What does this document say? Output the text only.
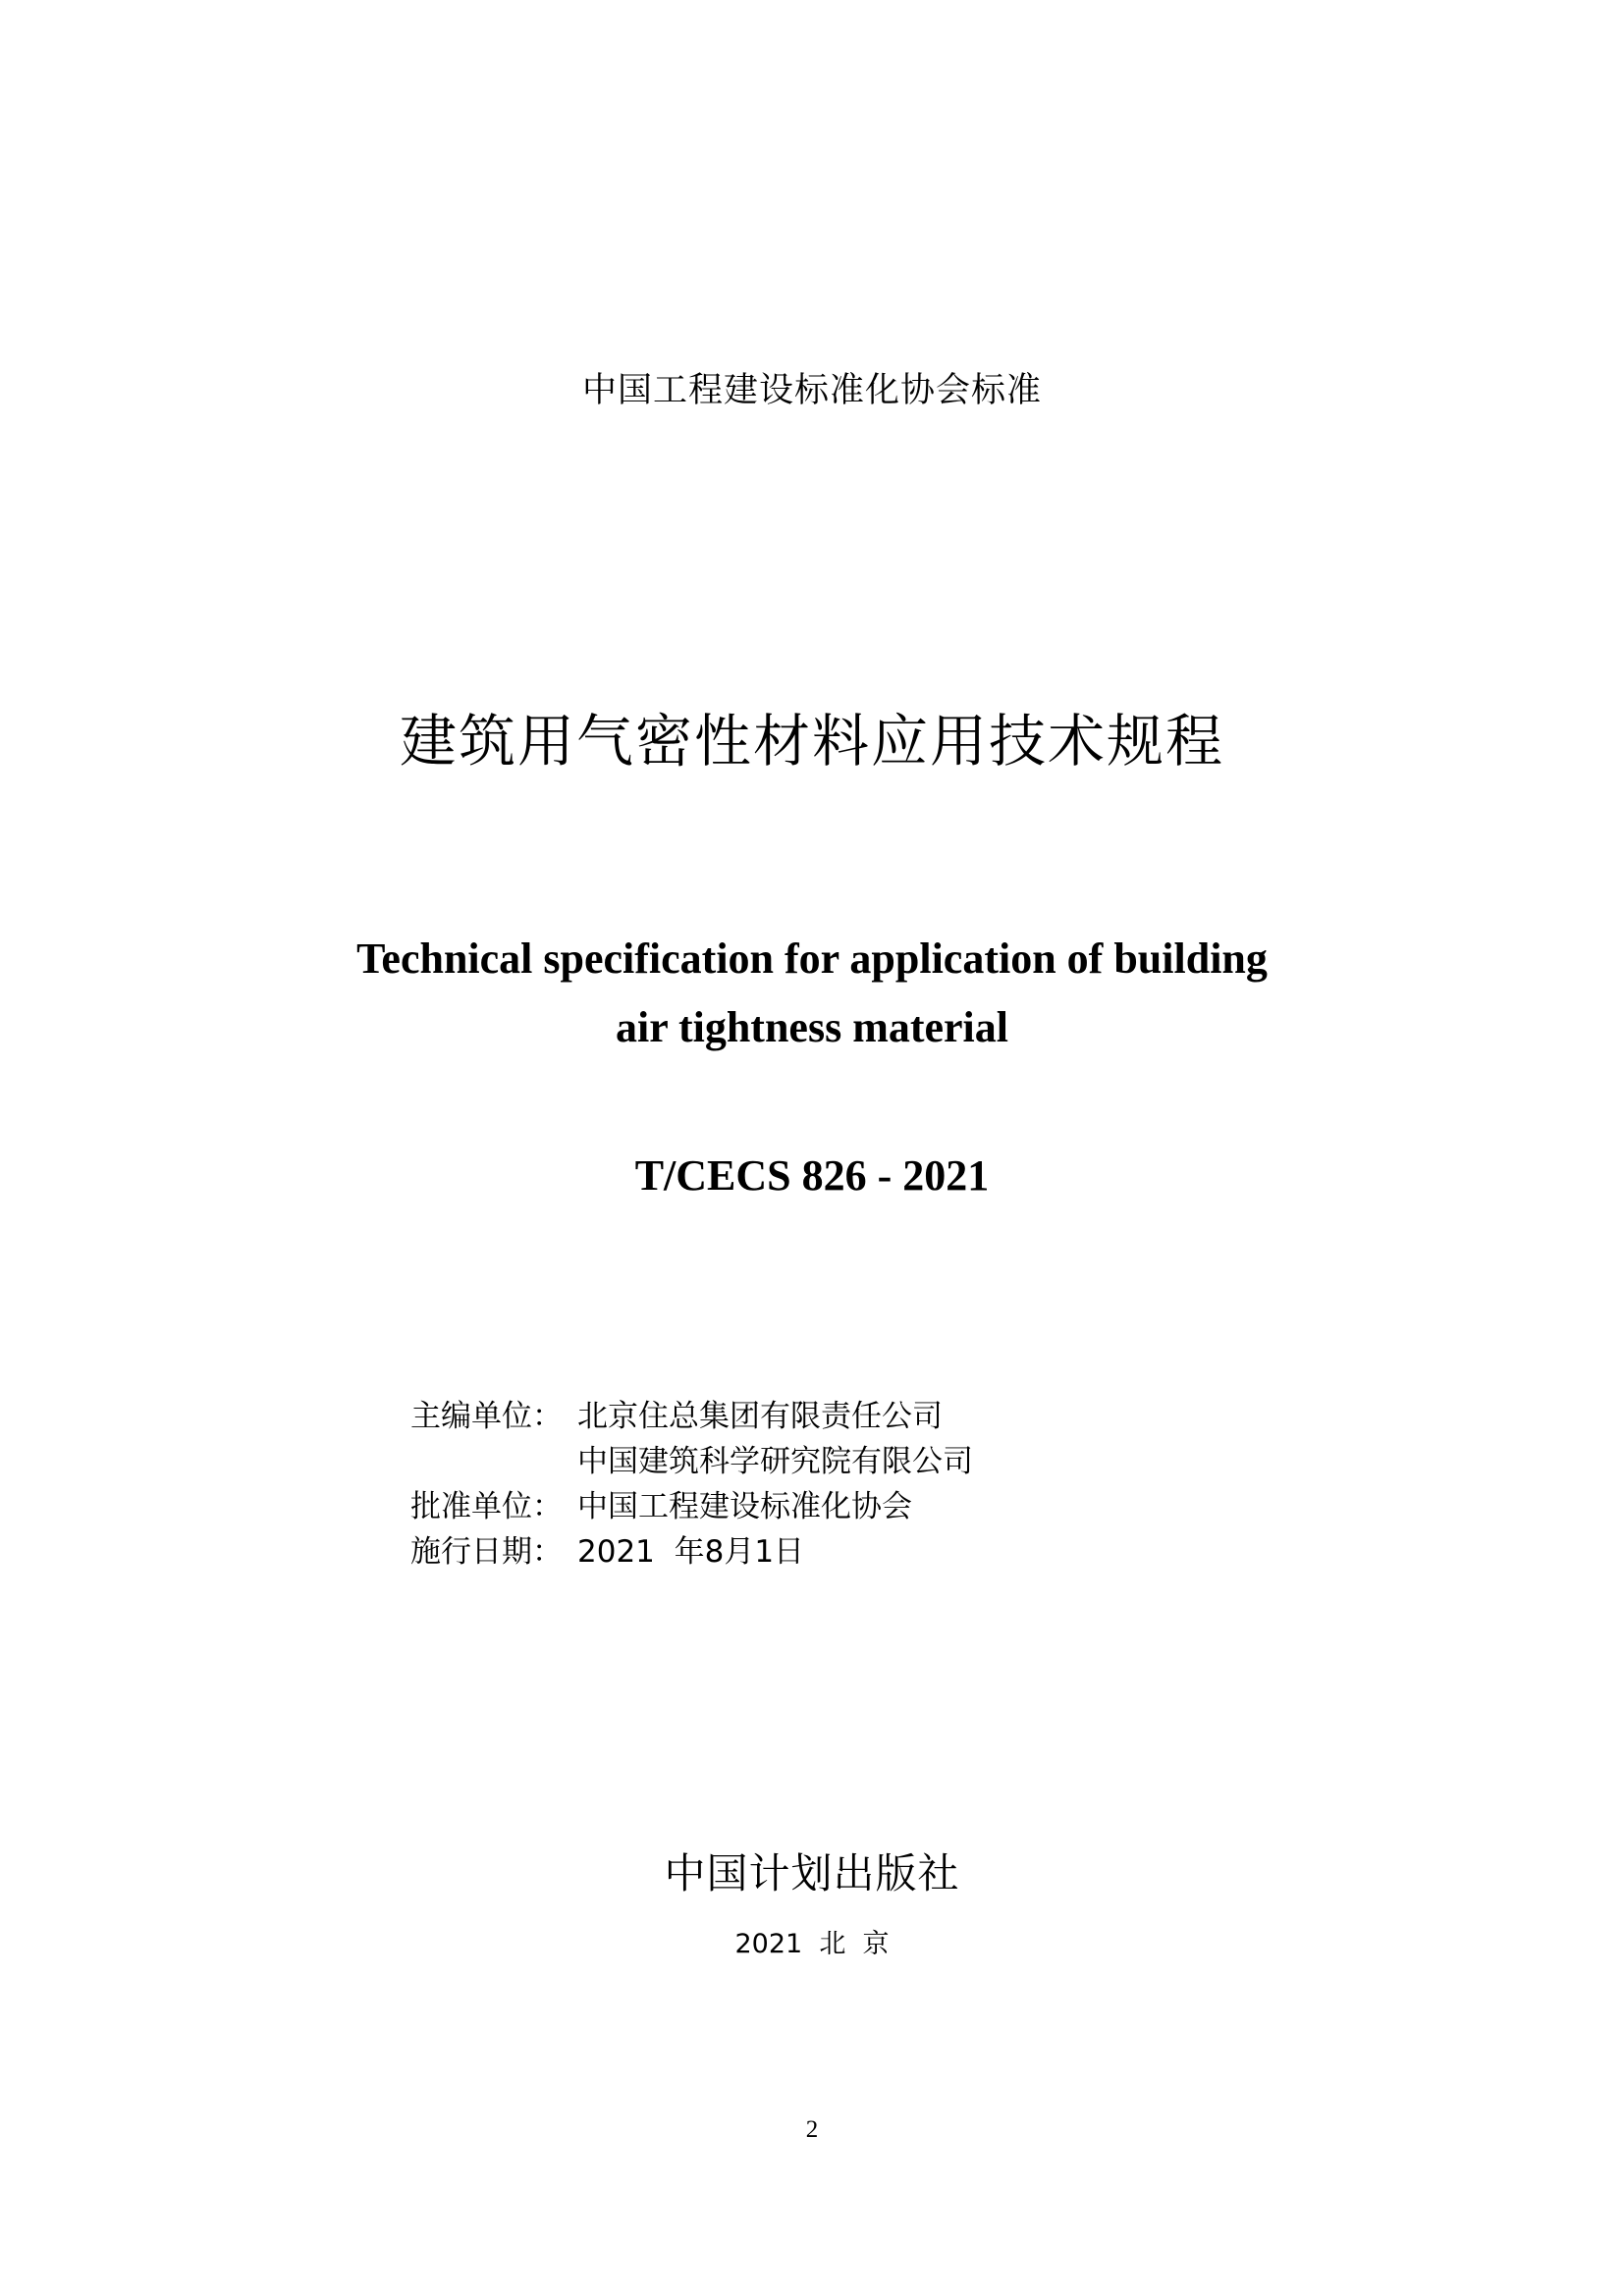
中国工程建设标准化协会标准
建筑用气密性材料应用技术规程
Technical specification for application of building
air tightness material
T/CECS 826 - 2021
主编单位： 北京住总集团有限责任公司
中国建筑科学研究院有限公司
批准单位： 中国工程建设标准化协会
施行日期： 2021  年8月1日
中国计划出版社
2021  北  京
2
